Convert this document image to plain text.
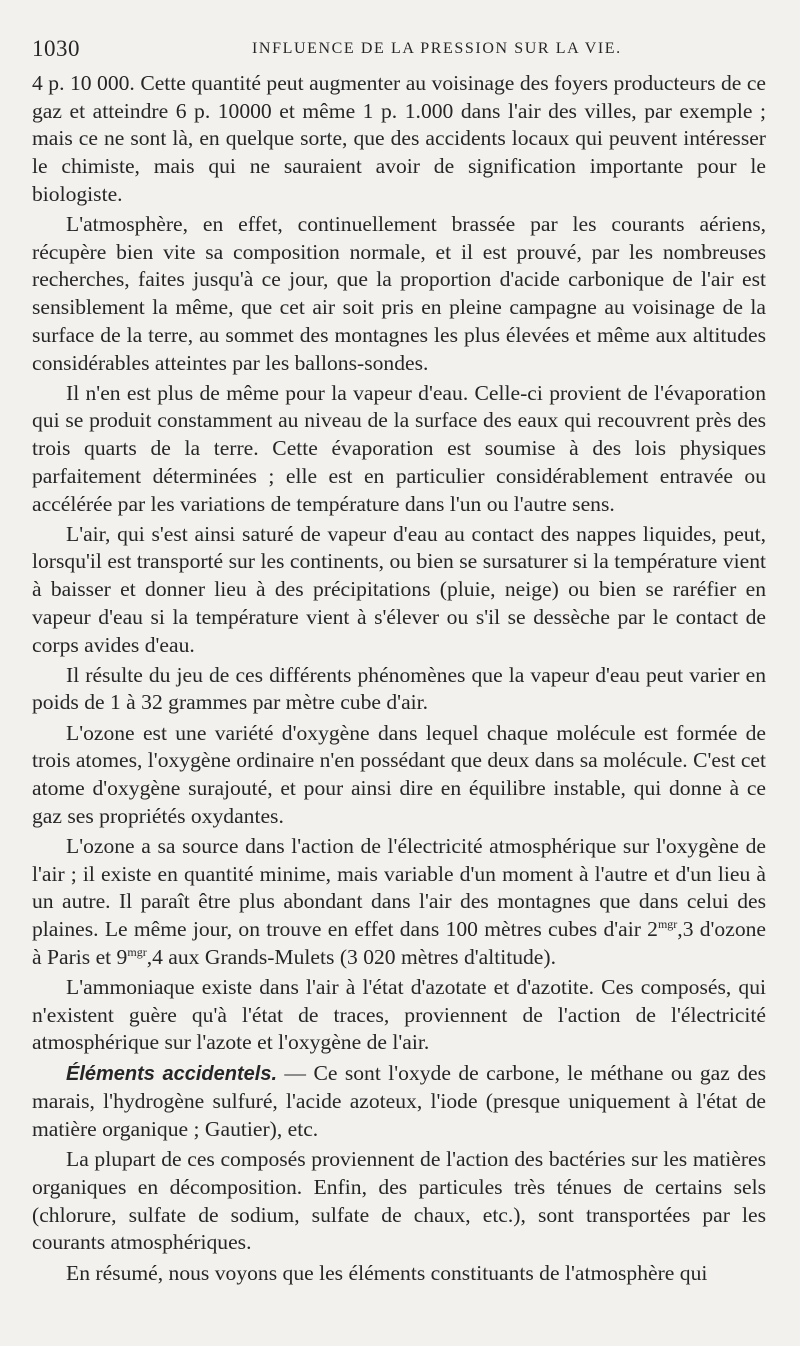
1030	INFLUENCE DE LA PRESSION SUR LA VIE.

4 p. 10 000. Cette quantité peut augmenter au voisinage des foyers producteurs de ce gaz et atteindre 6 p. 10000 et même 1 p. 1.000 dans l'air des villes, par exemple ; mais ce ne sont là, en quelque sorte, que des accidents locaux qui peuvent intéresser le chimiste, mais qui ne sauraient avoir de signification importante pour le biologiste.

L'atmosphère, en effet, continuellement brassée par les courants aériens, récupère bien vite sa composition normale, et il est prouvé, par les nombreuses recherches, faites jusqu'à ce jour, que la proportion d'acide carbonique de l'air est sensiblement la même, que cet air soit pris en pleine campagne au voisinage de la surface de la terre, au sommet des montagnes les plus élevées et même aux altitudes considérables atteintes par les ballons-sondes.

Il n'en est plus de même pour la vapeur d'eau. Celle-ci provient de l'évaporation qui se produit constamment au niveau de la surface des eaux qui recouvrent près des trois quarts de la terre. Cette évaporation est soumise à des lois physiques parfaitement déterminées ; elle est en particulier considérablement entravée ou accélérée par les variations de température dans l'un ou l'autre sens.

L'air, qui s'est ainsi saturé de vapeur d'eau au contact des nappes liquides, peut, lorsqu'il est transporté sur les continents, ou bien se sursaturer si la température vient à baisser et donner lieu à des précipitations (pluie, neige) ou bien se raréfier en vapeur d'eau si la température vient à s'élever ou s'il se dessèche par le contact de corps avides d'eau.

Il résulte du jeu de ces différents phénomènes que la vapeur d'eau peut varier en poids de 1 à 32 grammes par mètre cube d'air.

L'ozone est une variété d'oxygène dans lequel chaque molécule est formée de trois atomes, l'oxygène ordinaire n'en possédant que deux dans sa molécule. C'est cet atome d'oxygène surajouté, et pour ainsi dire en équilibre instable, qui donne à ce gaz ses propriétés oxydantes.

L'ozone a sa source dans l'action de l'électricité atmosphérique sur l'oxygène de l'air ; il existe en quantité minime, mais variable d'un moment à l'autre et d'un lieu à un autre. Il paraît être plus abondant dans l'air des montagnes que dans celui des plaines. Le même jour, on trouve en effet dans 100 mètres cubes d'air $2^{mgr},3$ d'ozone à Paris et $9^{mgr},4$ aux Grands-Mulets (3 020 mètres d'altitude).

L'ammoniaque existe dans l'air à l'état d'azotate et d'azotite. Ces composés, qui n'existent guère qu'à l'état de traces, proviennent de l'action de l'électricité atmosphérique sur l'azote et l'oxygène de l'air.

Éléments accidentels. — Ce sont l'oxyde de carbone, le méthane ou gaz des marais, l'hydrogène sulfuré, l'acide azoteux, l'iode (presque uniquement à l'état de matière organique ; Gautier), etc.

La plupart de ces composés proviennent de l'action des bactéries sur les matières organiques en décomposition. Enfin, des particules très ténues de certains sels (chlorure, sulfate de sodium, sulfate de chaux, etc.), sont transportées par les courants atmosphériques.

En résumé, nous voyons que les éléments constituants de l'atmosphère qui
